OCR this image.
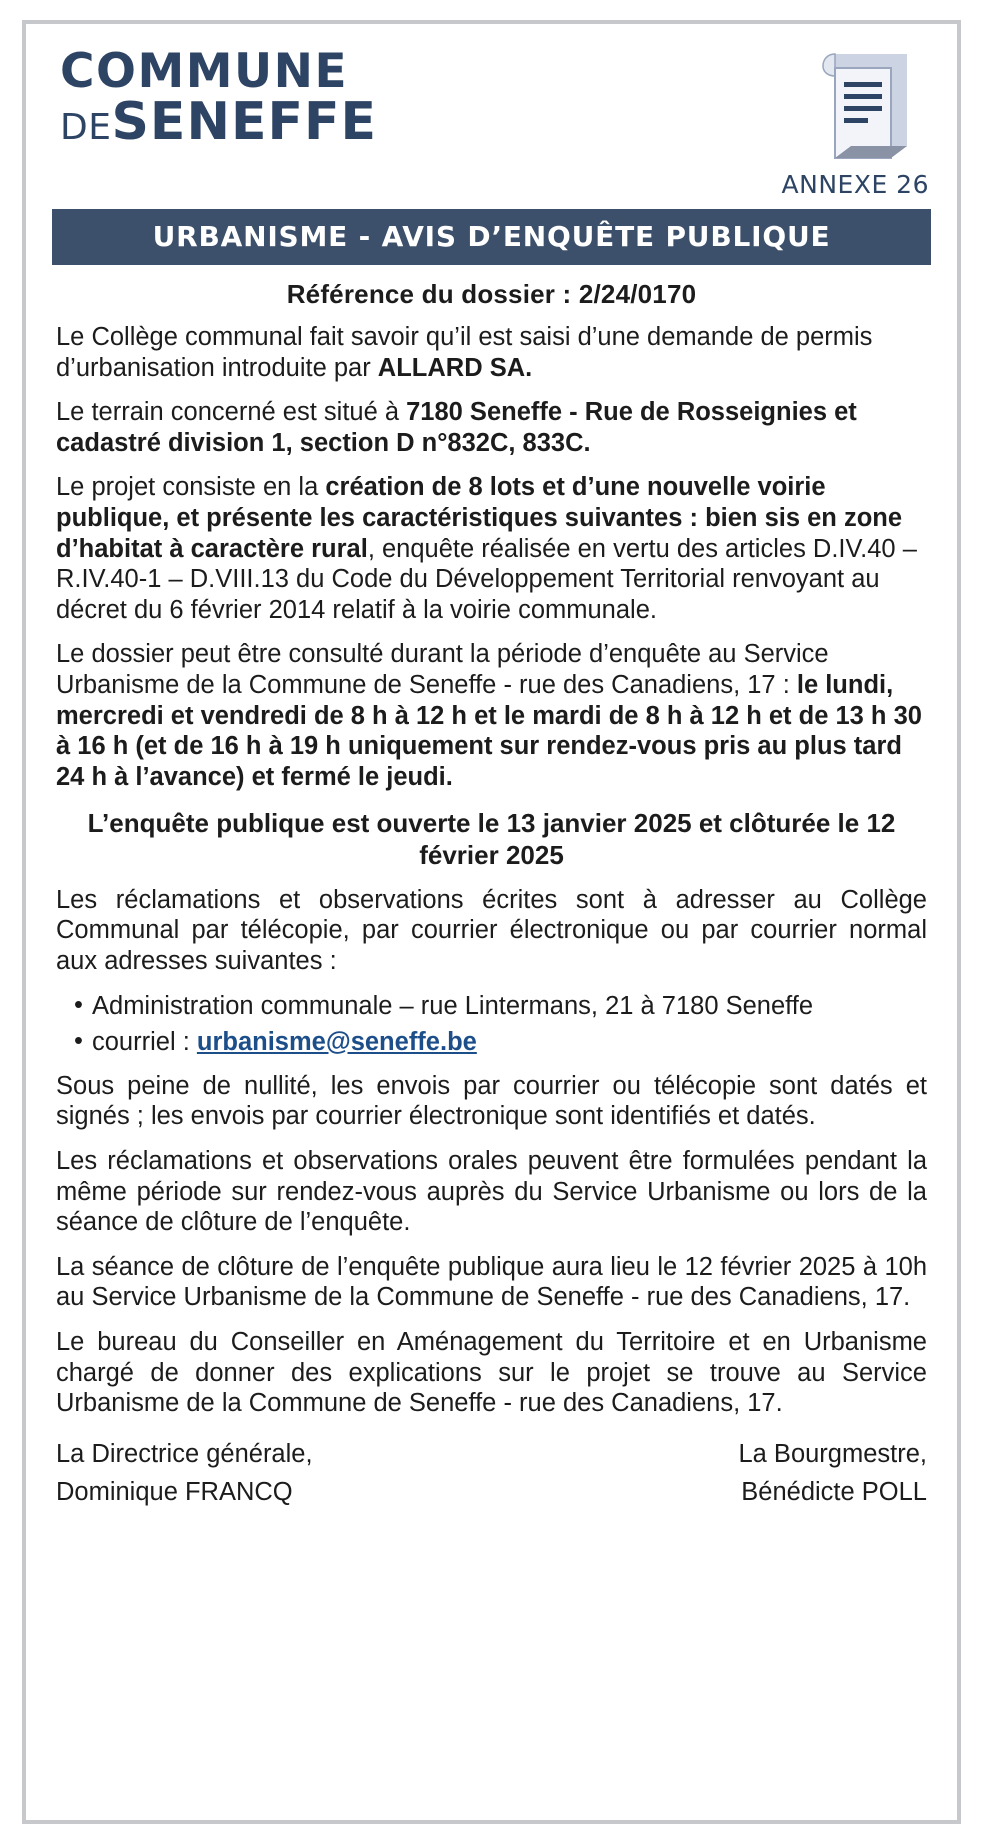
COMMUNE
DESENEFFE
ANNEXE 26
URBANISME - AVIS D’ENQUÊTE PUBLIQUE
Référence du dossier : 2/24/0170

Le Collège communal fait savoir qu’il est saisi d’une demande de permis d’urbanisation introduite par ALLARD SA.

Le terrain concerné est situé à 7180 Seneffe - Rue de Rosseignies et cadastré division 1, section D n°832C, 833C.

Le projet consiste en la création de 8 lots et d’une nouvelle voirie publique, et présente les caractéristiques suivantes : bien sis en zone d’habitat à caractère rural, enquête réalisée en vertu des articles D.IV.40 – R.IV.40-1 – D.VIII.13 du Code du Développement Territorial renvoyant au décret du 6 février 2014 relatif à la voirie communale.

Le dossier peut être consulté durant la période d’enquête au Service Urbanisme de la Commune de Seneffe - rue des Canadiens, 17 : le lundi, mercredi et vendredi de 8 h à 12 h et le mardi de 8 h à 12 h et de 13 h 30 à 16 h (et de 16 h à 19 h uniquement sur rendez-vous pris au plus tard 24 h à l’avance) et fermé le jeudi.

L’enquête publique est ouverte le 13 janvier 2025 et clôturée le 12 février 2025

Les réclamations et observations écrites sont à adresser au Collège Communal par télécopie, par courrier électronique ou par courrier normal aux adresses suivantes :

• Administration communale – rue Lintermans, 21 à 7180 Seneffe
• courriel : urbanisme@seneffe.be

Sous peine de nullité, les envois par courrier ou télécopie sont datés et signés ; les envois par courrier électronique sont identifiés et datés.

Les réclamations et observations orales peuvent être formulées pendant la même période sur rendez-vous auprès du Service Urbanisme ou lors de la séance de clôture de l’enquête.

La séance de clôture de l’enquête publique aura lieu le 12 février 2025 à 10h au Service Urbanisme de la Commune de Seneffe - rue des Canadiens, 17.

Le bureau du Conseiller en Aménagement du Territoire et en Urbanisme chargé de donner des explications sur le projet se trouve au Service Urbanisme de la Commune de Seneffe - rue des Canadiens, 17.

La Directrice générale,	La Bourgmestre,
Dominique FRANCQ	Bénédicte POLL
